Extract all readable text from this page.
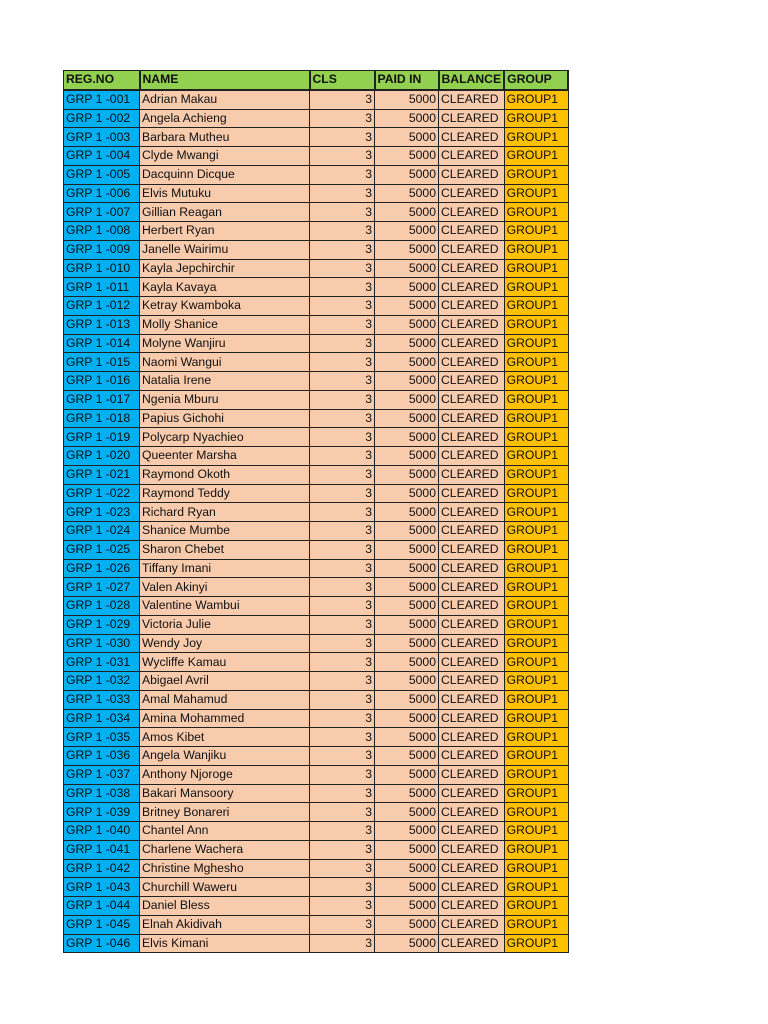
REG.NO	NAME	CLS	PAID IN	BALANCE	GROUP
GRP 1 -001	Adrian Makau	3	5000	CLEARED	GROUP1
GRP 1 -002	Angela Achieng	3	5000	CLEARED	GROUP1
GRP 1 -003	Barbara Mutheu	3	5000	CLEARED	GROUP1
GRP 1 -004	Clyde Mwangi	3	5000	CLEARED	GROUP1
GRP 1 -005	Dacquinn Dicque	3	5000	CLEARED	GROUP1
GRP 1 -006	Elvis Mutuku	3	5000	CLEARED	GROUP1
GRP 1 -007	Gillian Reagan	3	5000	CLEARED	GROUP1
GRP 1 -008	Herbert Ryan	3	5000	CLEARED	GROUP1
GRP 1 -009	Janelle Wairimu	3	5000	CLEARED	GROUP1
GRP 1 -010	Kayla Jepchirchir	3	5000	CLEARED	GROUP1
GRP 1 -011	Kayla Kavaya	3	5000	CLEARED	GROUP1
GRP 1 -012	Ketray Kwamboka	3	5000	CLEARED	GROUP1
GRP 1 -013	Molly Shanice	3	5000	CLEARED	GROUP1
GRP 1 -014	Molyne Wanjiru	3	5000	CLEARED	GROUP1
GRP 1 -015	Naomi Wangui	3	5000	CLEARED	GROUP1
GRP 1 -016	Natalia Irene	3	5000	CLEARED	GROUP1
GRP 1 -017	Ngenia Mburu	3	5000	CLEARED	GROUP1
GRP 1 -018	Papius Gichohi	3	5000	CLEARED	GROUP1
GRP 1 -019	Polycarp Nyachieo	3	5000	CLEARED	GROUP1
GRP 1 -020	Queenter Marsha	3	5000	CLEARED	GROUP1
GRP 1 -021	Raymond Okoth	3	5000	CLEARED	GROUP1
GRP 1 -022	Raymond Teddy	3	5000	CLEARED	GROUP1
GRP 1 -023	Richard Ryan	3	5000	CLEARED	GROUP1
GRP 1 -024	Shanice Mumbe	3	5000	CLEARED	GROUP1
GRP 1 -025	Sharon Chebet	3	5000	CLEARED	GROUP1
GRP 1 -026	Tiffany Imani	3	5000	CLEARED	GROUP1
GRP 1 -027	Valen Akinyi	3	5000	CLEARED	GROUP1
GRP 1 -028	Valentine Wambui	3	5000	CLEARED	GROUP1
GRP 1 -029	Victoria Julie	3	5000	CLEARED	GROUP1
GRP 1 -030	Wendy Joy	3	5000	CLEARED	GROUP1
GRP 1 -031	Wycliffe Kamau	3	5000	CLEARED	GROUP1
GRP 1 -032	Abigael Avril	3	5000	CLEARED	GROUP1
GRP 1 -033	Amal Mahamud	3	5000	CLEARED	GROUP1
GRP 1 -034	Amina Mohammed	3	5000	CLEARED	GROUP1
GRP 1 -035	Amos Kibet	3	5000	CLEARED	GROUP1
GRP 1 -036	Angela Wanjiku	3	5000	CLEARED	GROUP1
GRP 1 -037	Anthony Njoroge	3	5000	CLEARED	GROUP1
GRP 1 -038	Bakari Mansoory	3	5000	CLEARED	GROUP1
GRP 1 -039	Britney Bonareri	3	5000	CLEARED	GROUP1
GRP 1 -040	Chantel Ann	3	5000	CLEARED	GROUP1
GRP 1 -041	Charlene Wachera	3	5000	CLEARED	GROUP1
GRP 1 -042	Christine Mghesho	3	5000	CLEARED	GROUP1
GRP 1 -043	Churchill Waweru	3	5000	CLEARED	GROUP1
GRP 1 -044	Daniel Bless	3	5000	CLEARED	GROUP1
GRP 1 -045	Elnah Akidivah	3	5000	CLEARED	GROUP1
GRP 1 -046	Elvis Kimani	3	5000	CLEARED	GROUP1
